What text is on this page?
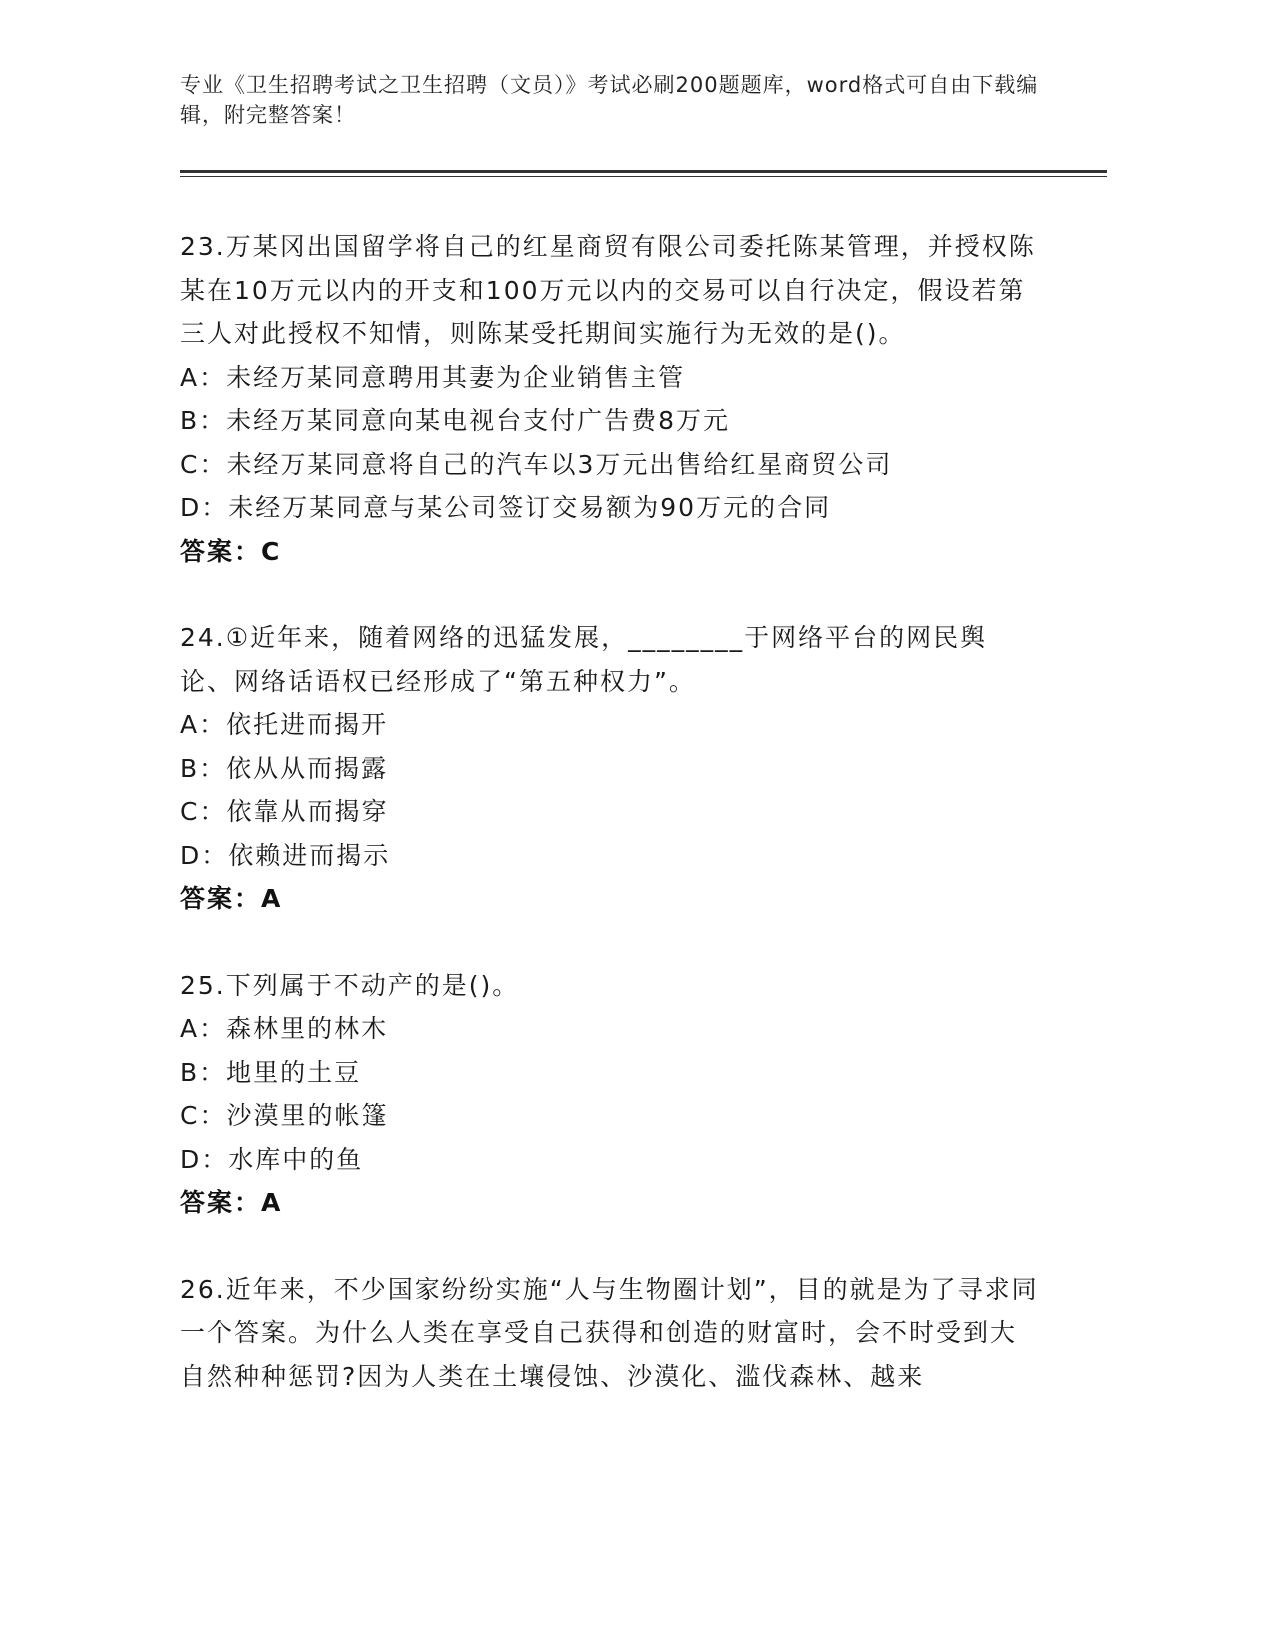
专业《卫生招聘考试之卫生招聘（文员）》考试必刷200题题库，word格式可自由下载编辑，附完整答案！
23.万某冈出国留学将自己的红星商贸有限公司委托陈某管理，并授权陈某在10万元以内的开支和100万元以内的交易可以自行决定，假设若第三人对此授权不知情，则陈某受托期间实施行为无效的是()。
A：未经万某同意聘用其妻为企业销售主管
B：未经万某同意向某电视台支付广告费8万元
C：未经万某同意将自己的汽车以3万元出售给红星商贸公司
D：未经万某同意与某公司签订交易额为90万元的合同
答案：C
24.①近年来，随着网络的迅猛发展，________于网络平台的网民舆论、网络话语权已经形成了“第五种权力”。
A：依托进而揭开
B：依从从而揭露
C：依靠从而揭穿
D：依赖进而揭示
答案：A
25.下列属于不动产的是()。
A：森林里的林木
B：地里的土豆
C：沙漠里的帐篷
D：水库中的鱼
答案：A
26.近年来，不少国家纷纷实施“人与生物圈计划”，目的就是为了寻求同一个答案。为什么人类在享受自己获得和创造的财富时，会不时受到大自然种种惩罚?因为人类在土壤侵蚀、沙漠化、滥伐森林、越来
